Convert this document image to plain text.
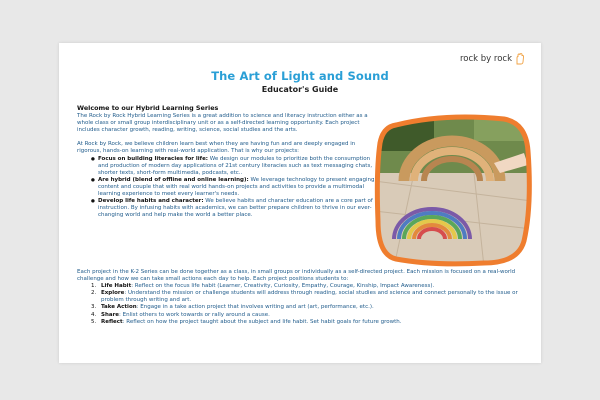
rock by rock
The Art of Light and Sound
Educator's Guide
Welcome to our Hybrid Learning Series

The Rock by Rock Hybrid Learning Series is a great addition to science and literacy instruction either as a whole class or small group interdisciplinary unit or as a self-directed learning opportunity. Each project includes character growth, reading, writing, science, social studies and the arts.

At Rock by Rock, we believe children learn best when they are having fun and are deeply engaged in rigorous, hands-on learning with real-world application. That is why our projects:

● Focus on building literacies for life: We design our modules to prioritize both the consumption and production of modern day applications of 21st century literacies such as text messaging chats, shorter texts, short-form multimedia, podcasts, etc..
● Are hybrid (blend of offline and online learning): We leverage technology to present engaging content and couple that with real world hands-on projects and activities to provide a multimodal learning experience to meet every learner's needs.
● Develop life habits and character: We believe habits and character education are a core part of instruction. By infusing habits with academics, we can better prepare children to thrive in our ever-changing world and help make the world a better place.

Each project in the K-2 Series can be done together as a class, in small groups or individually as a self-directed project. Each mission is focused on a real-world challenge and how we can take small actions each day to help. Each project positions students to:

1. Life Habit: Reflect on the focus life habit (Learner, Creativity, Curiosity, Empathy, Courage, Kinship, Impact Awareness).
2. Explore: Understand the mission or challenge students will address through reading, social studies and science and connect personally to the issue or problem through writing and art.
3. Take Action: Engage in a take action project that involves writing and art (art, performance, etc.).
4. Share: Enlist others to work towards or rally around a cause.
5. Reflect: Reflect on how the project taught about the subject and life habit. Set habit goals for future growth.
